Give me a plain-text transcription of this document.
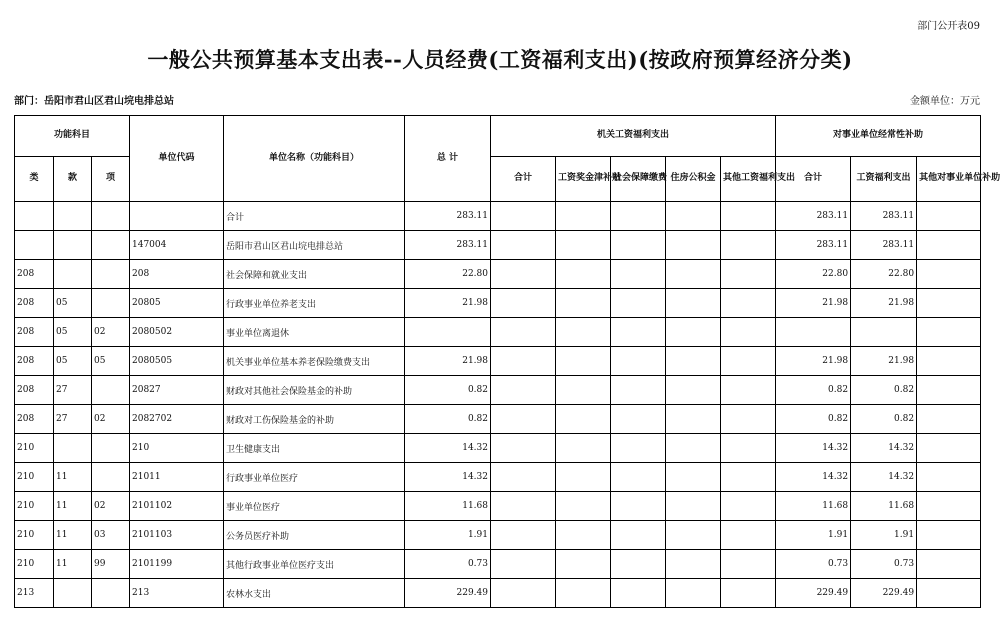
部门公开表09
一般公共预算基本支出表--人员经费(工资福利支出)(按政府预算经济分类)
部门：岳阳市君山区君山垸电排总站	金额单位：万元
功能科目			单位代码	单位名称（功能科目）	总 计	机关工资福利支出					对事业单位经常性补助		
类	款	项				合计	工资奖金津补贴	社会保障缴费	住房公积金	其他工资福利支出	合计	工资福利支出	其他对事业单位补助
				合计	283.11						283.11	283.11	
			147004	岳阳市君山区君山垸电排总站	283.11						283.11	283.11	
208			208	社会保障和就业支出	22.80						22.80	22.80	
208	05		20805	行政事业单位养老支出	21.98						21.98	21.98	
208	05	02	2080502	事业单位离退休									
208	05	05	2080505	机关事业单位基本养老保险缴费支出	21.98						21.98	21.98	
208	27		20827	财政对其他社会保险基金的补助	0.82						0.82	0.82	
208	27	02	2082702	财政对工伤保险基金的补助	0.82						0.82	0.82	
210			210	卫生健康支出	14.32						14.32	14.32	
210	11		21011	行政事业单位医疗	14.32						14.32	14.32	
210	11	02	2101102	事业单位医疗	11.68						11.68	11.68	
210	11	03	2101103	公务员医疗补助	1.91						1.91	1.91	
210	11	99	2101199	其他行政事业单位医疗支出	0.73						0.73	0.73	
213			213	农林水支出	229.49						229.49	229.49	
